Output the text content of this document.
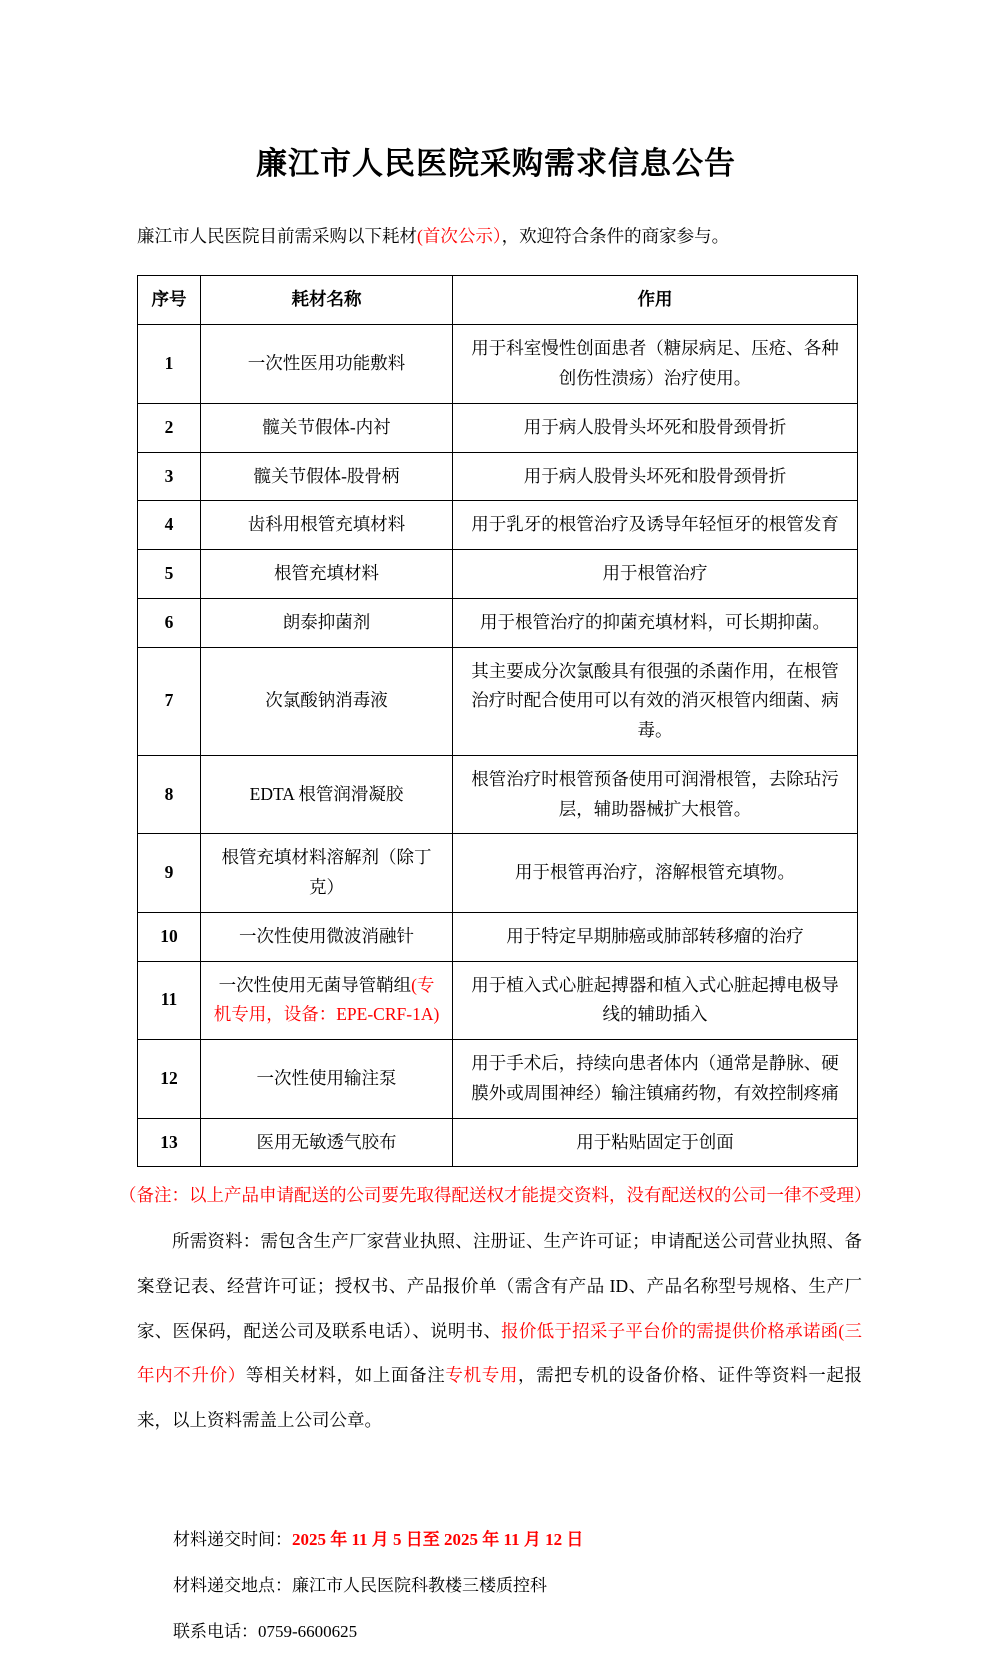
廉江市人民医院采购需求信息公告

廉江市人民医院目前需采购以下耗材(首次公示），欢迎符合条件的商家参与。

序号	耗材名称	作用
1	一次性医用功能敷料	用于科室慢性创面患者（糖尿病足、压疮、各种创伤性溃疡）治疗使用。
2	髋关节假体-内衬	用于病人股骨头坏死和股骨颈骨折
3	髋关节假体-股骨柄	用于病人股骨头坏死和股骨颈骨折
4	齿科用根管充填材料	用于乳牙的根管治疗及诱导年轻恒牙的根管发育
5	根管充填材料	用于根管治疗
6	朗泰抑菌剂	用于根管治疗的抑菌充填材料，可长期抑菌。
7	次氯酸钠消毒液	其主要成分次氯酸具有很强的杀菌作用，在根管治疗时配合使用可以有效的消灭根管内细菌、病毒。
8	EDTA 根管润滑凝胶	根管治疗时根管预备使用可润滑根管，去除玷污层，辅助器械扩大根管。
9	根管充填材料溶解剂（除丁克）	用于根管再治疗，溶解根管充填物。
10	一次性使用微波消融针	用于特定早期肺癌或肺部转移瘤的治疗
11	一次性使用无菌导管鞘组(专机专用，设备：EPE-CRF-1A)	用于植入式心脏起搏器和植入式心脏起搏电极导线的辅助插入
12	一次性使用输注泵	用于手术后，持续向患者体内（通常是静脉、硬膜外或周围神经）输注镇痛药物，有效控制疼痛
13	医用无敏透气胶布	用于粘贴固定于创面
（备注：以上产品申请配送的公司要先取得配送权才能提交资料，没有配送权的公司一律不受理）

所需资料：需包含生产厂家营业执照、注册证、生产许可证；申请配送公司营业执照、备案登记表、经营许可证；授权书、产品报价单（需含有产品 ID、产品名称型号规格、生产厂家、医保码，配送公司及联系电话）、说明书、报价低于招采子平台价的需提供价格承诺函(三年内不升价）等相关材料，如上面备注专机专用，需把专机的设备价格、证件等资料一起报来，以上资料需盖上公司公章。

材料递交时间：2025 年 11 月 5 日至 2025 年 11 月 12 日

材料递交地点：廉江市人民医院科教楼三楼质控科

联系电话：0759-6600625
